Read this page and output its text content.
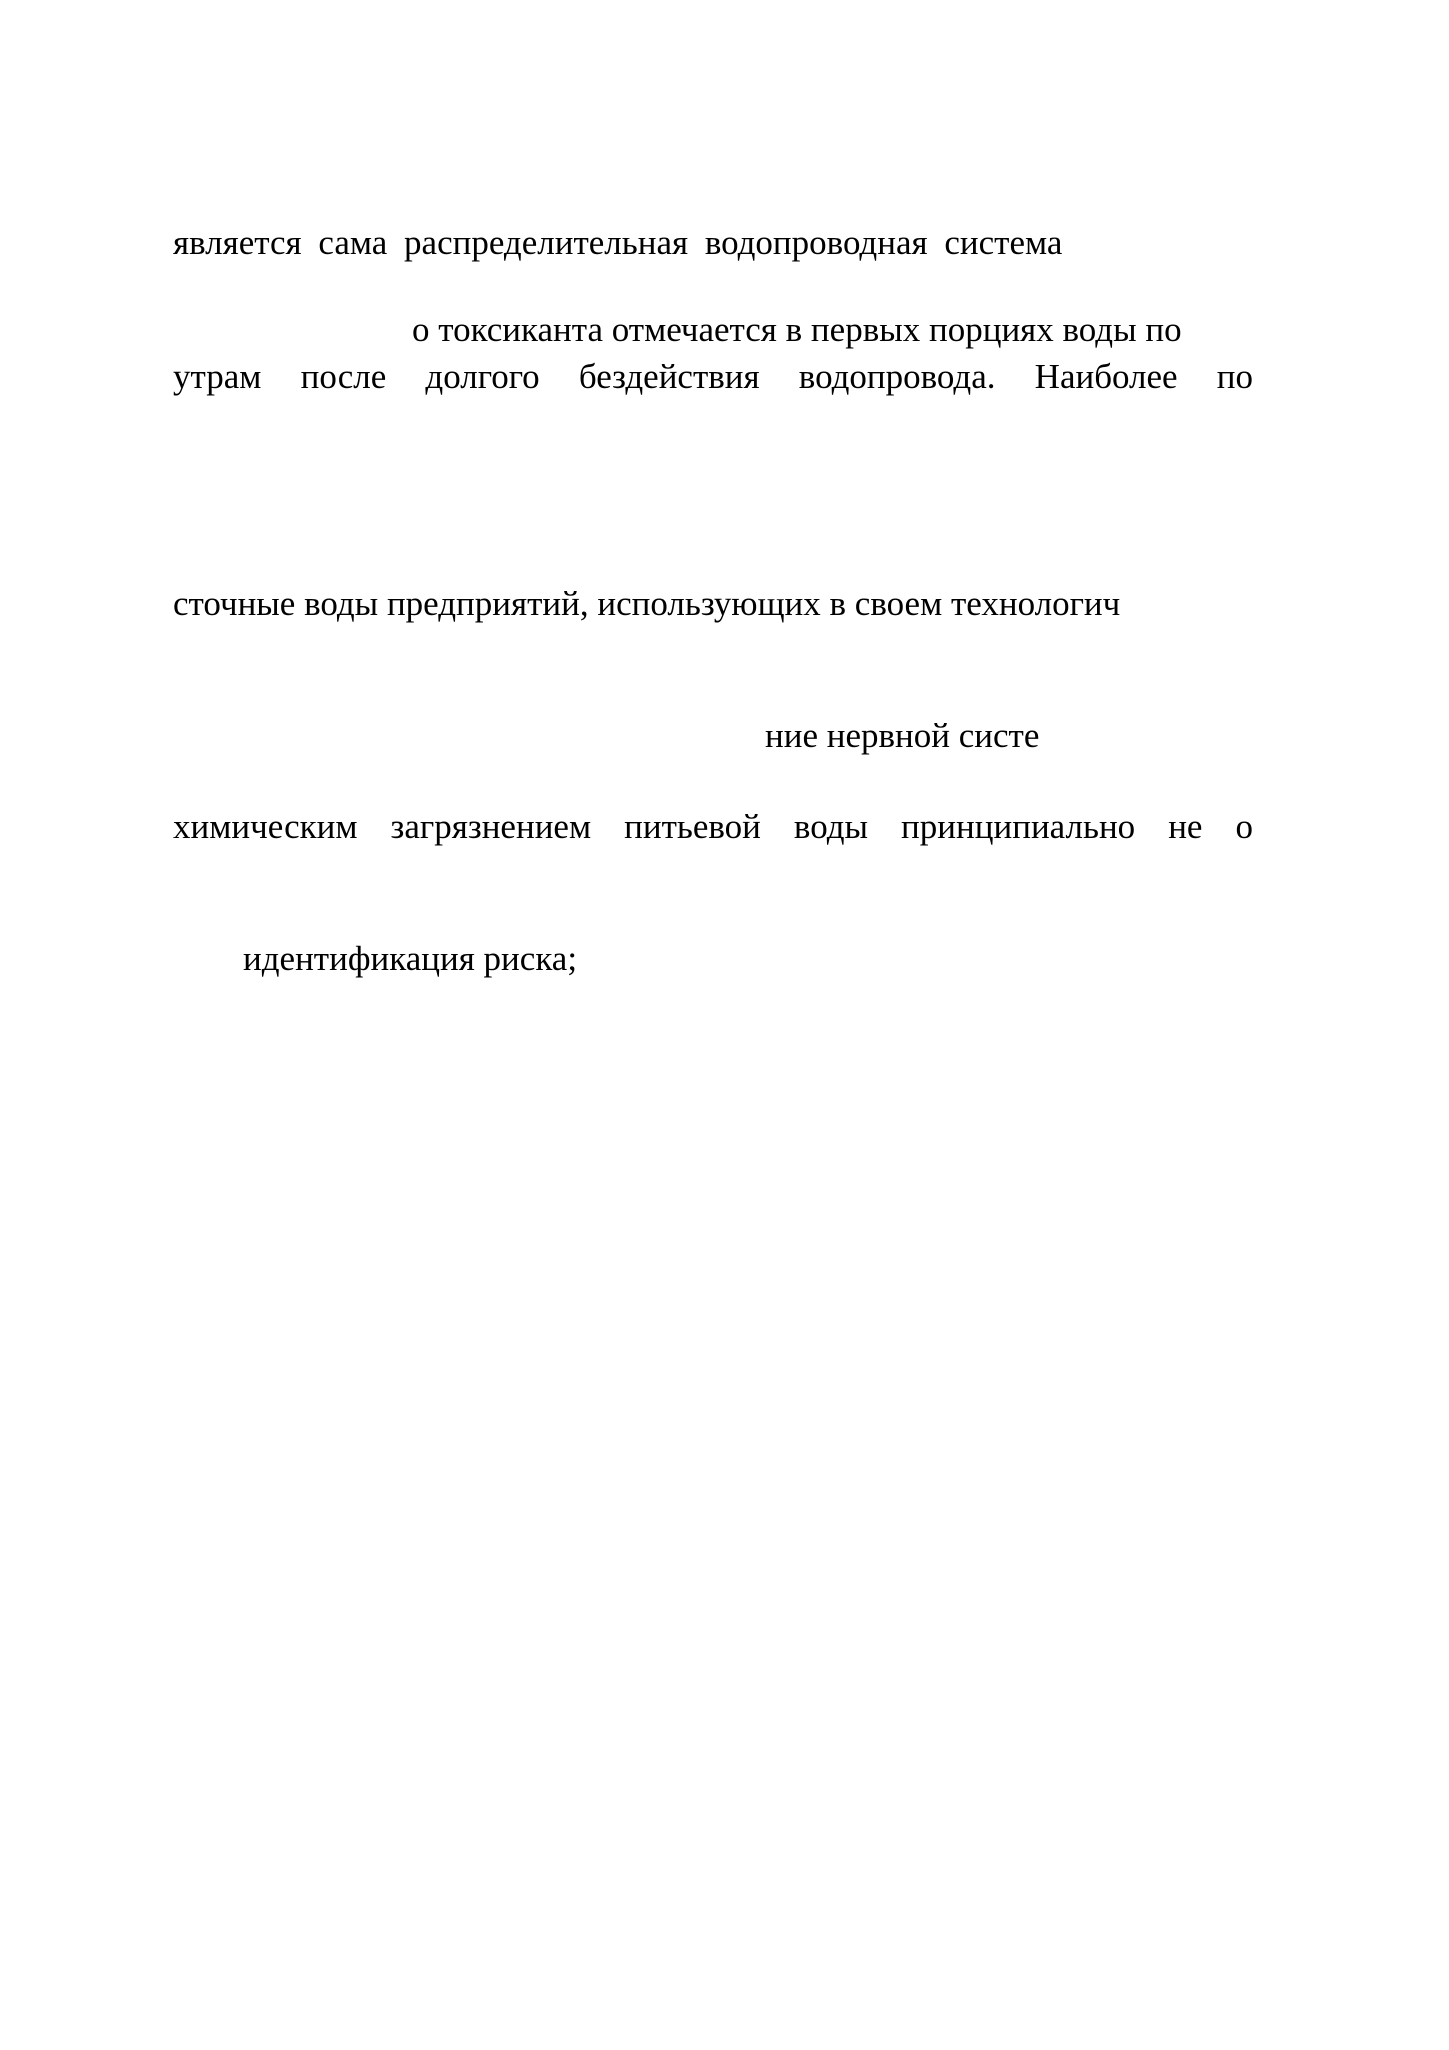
является сама распределительная водопроводная система

о токсиканта отмечается в первых порциях воды по

утрам после долгого бездействия водопровода. Наиболее по

сточные воды предприятий, использующих в своем технологич

ние нервной систе

химическим загрязнением питьевой воды принципиально не о

идентификация риска;
